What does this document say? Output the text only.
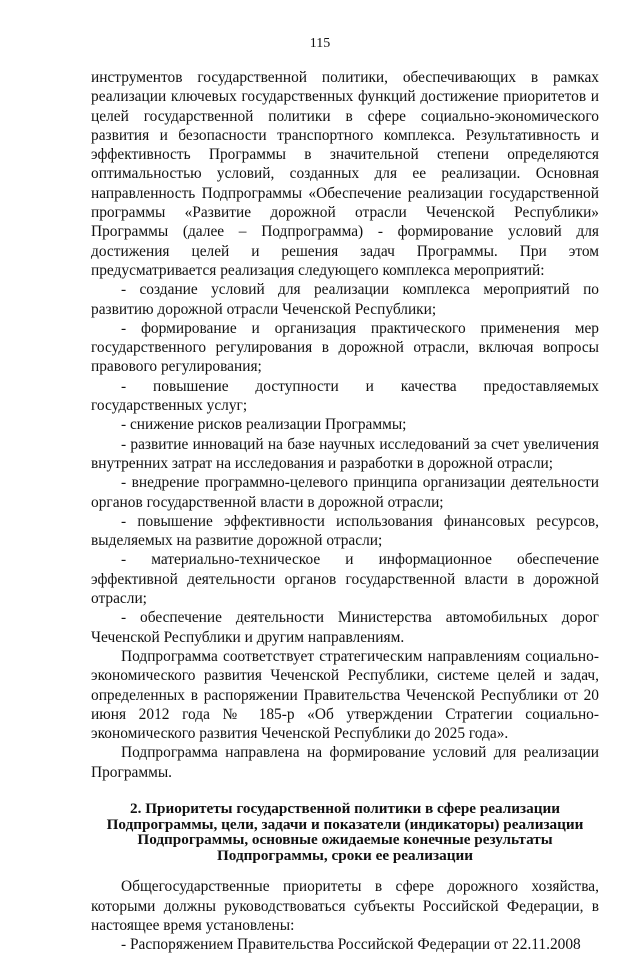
115

инструментов государственной политики, обеспечивающих в рамках реализации ключевых государственных функций достижение приоритетов и целей государственной политики в сфере социально-экономического развития и безопасности транспортного комплекса. Результативность и эффективность Программы в значительной степени определяются оптимальностью условий, созданных для ее реализации. Основная направленность Подпрограммы «Обеспечение реализации государственной программы «Развитие дорожной отрасли Чеченской Республики» Программы (далее – Подпрограмма) - формирование условий для достижения целей и решения задач Программы. При этом предусматривается реализация следующего комплекса мероприятий:

- создание условий для реализации комплекса мероприятий по развитию дорожной отрасли Чеченской Республики;
- формирование и организация практического применения мер государственного регулирования в дорожной отрасли, включая вопросы правового регулирования;
- повышение доступности и качества предоставляемых государственных услуг;
- снижение рисков реализации Программы;
- развитие инноваций на базе научных исследований за счет увеличения внутренних затрат на исследования и разработки в дорожной отрасли;
- внедрение программно-целевого принципа организации деятельности органов государственной власти в дорожной отрасли;
- повышение эффективности использования финансовых ресурсов, выделяемых на развитие дорожной отрасли;
- материально-техническое и информационное обеспечение эффективной деятельности органов государственной власти в дорожной отрасли;
- обеспечение деятельности Министерства автомобильных дорог Чеченской Республики и другим направлениям.

Подпрограмма соответствует стратегическим направлениям социально-экономического развития Чеченской Республики, системе целей и задач, определенных в распоряжении Правительства Чеченской Республики от 20 июня 2012 года № 185-р «Об утверждении Стратегии социально-экономического развития Чеченской Республики до 2025 года».

Подпрограмма направлена на формирование условий для реализации Программы.

2. Приоритеты государственной политики в сфере реализации
Подпрограммы, цели, задачи и показатели (индикаторы) реализации
Подпрограммы, основные ожидаемые конечные результаты
Подпрограммы, сроки ее реализации

Общегосударственные приоритеты в сфере дорожного хозяйства, которыми должны руководствоваться субъекты Российской Федерации, в настоящее время установлены:

- Распоряжением Правительства Российской Федерации от 22.11.2008
